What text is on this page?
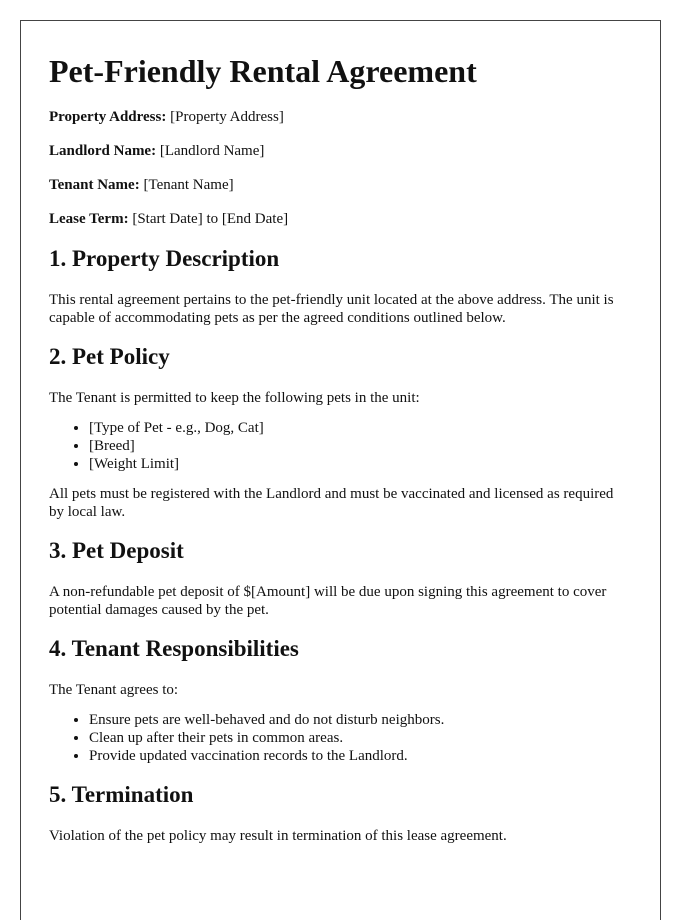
Pet-Friendly Rental Agreement
Property Address: [Property Address]
Landlord Name: [Landlord Name]
Tenant Name: [Tenant Name]
Lease Term: [Start Date] to [End Date]
1. Property Description

This rental agreement pertains to the pet-friendly unit located at the above address. The unit is capable of accommodating pets as per the agreed conditions outlined below.

2. Pet Policy

The Tenant is permitted to keep the following pets in the unit:

• [Type of Pet - e.g., Dog, Cat]
• [Breed]
• [Weight Limit]

All pets must be registered with the Landlord and must be vaccinated and licensed as required by local law.

3. Pet Deposit

A non-refundable pet deposit of $[Amount] will be due upon signing this agreement to cover potential damages caused by the pet.

4. Tenant Responsibilities

The Tenant agrees to:

• Ensure pets are well-behaved and do not disturb neighbors.
• Clean up after their pets in common areas.
• Provide updated vaccination records to the Landlord.
5. Termination

Violation of the pet policy may result in termination of this lease agreement.
